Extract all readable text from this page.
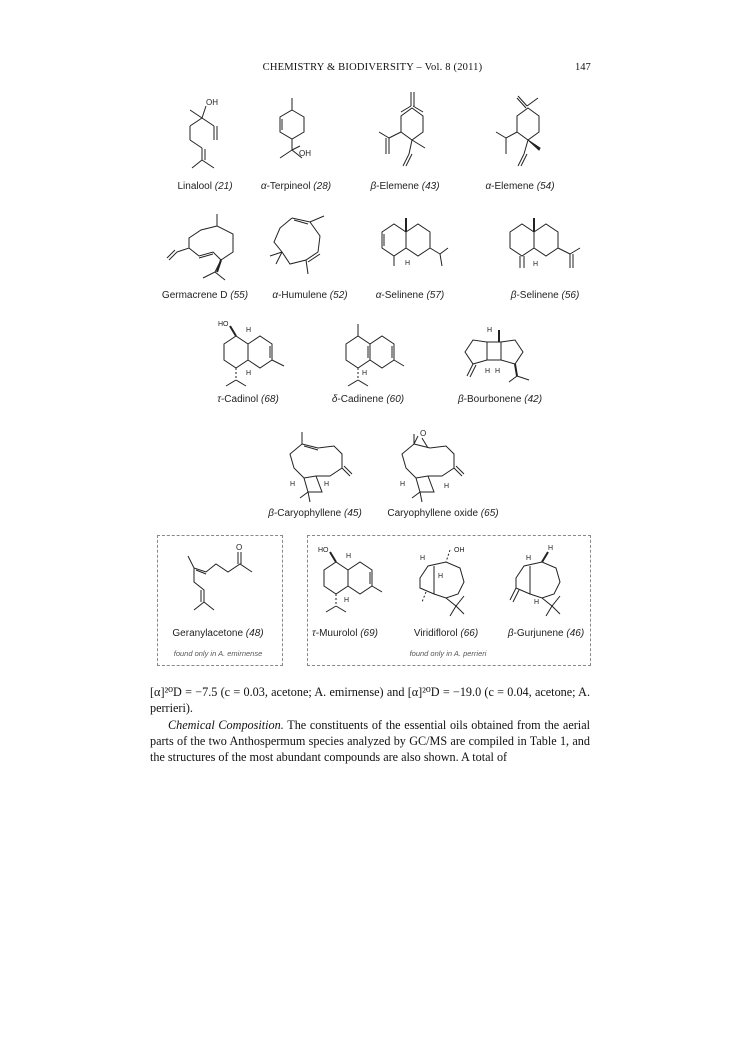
CHEMISTRY & BIODIVERSITY – Vol. 8 (2011)	147
OH
Linalool (21)
OH
α-Terpineol (28)	β-Elemene (43)	α-Elemene (54)
Germacrene D (55) α-Humulene (52)
H
α-Selinene (57)
H
β-Selinene (56)
HO
H
H
τ-Cadinol (68)
H
δ-Cadinene (60)
H
H H
β-Bourbonene (42)
H	H
β-Caryophyllene (45)
O
H	H
Caryophyllene oxide (65)
O
Geranylacetone (48)
found only in A. emirnense
HO
H
H
τ-Muurolol (69)
OH
H
H
Viridiflorol (66)
H
H
H
β-Gurjunene (46)
found only in A. perrieri

[α]²⁰D = −7.5 (c = 0.03, acetone; A. emirnense) and [α]²⁰D = −19.0 (c = 0.04, acetone; A. perrieri).

Chemical Composition. The constituents of the essential oils obtained from the aerial parts of the two Anthospermum species analyzed by GC/MS are compiled in Table 1, and the structures of the most abundant compounds are also shown. A total of
